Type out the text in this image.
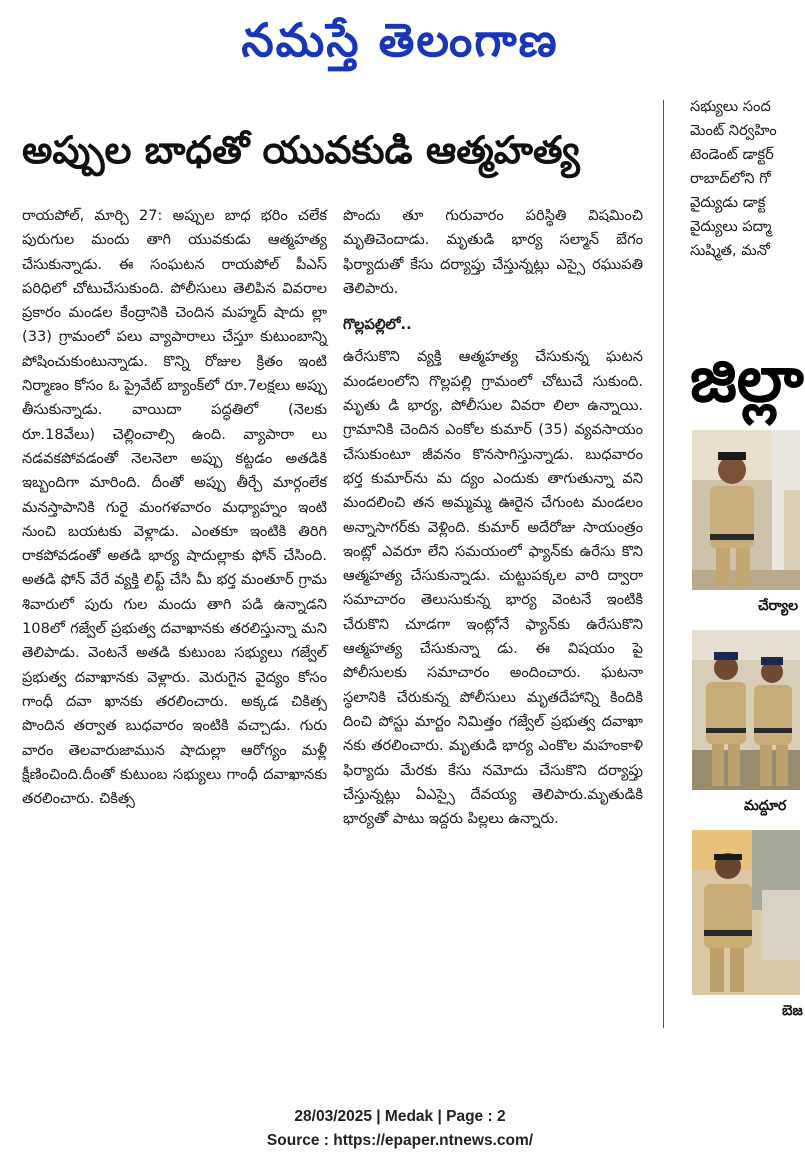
నమస్తే తెలంగాణ
అప్పుల బాధతో యువకుడి ఆత్మహత్య

రాయపోల్‌, మార్చి 27: అప్పుల బాధ భరిం చలేక పురుగుల మందు తాగి యువకుడు ఆత్మహత్య చేసుకున్నాడు. ఈ సంఘటన రాయపోల్‌ పీఎస్‌ పరిధిలో చోటుచేసుకుంది. పోలీసులు తెలిపిన వివరాల ప్రకారం మండల కేంద్రానికి చెందిన మహ్మద్‌ షాదు ల్లా (33) గ్రామంలో పలు వ్యాపారాలు చేస్తూ కుటుంబాన్ని పోషించుకుంటున్నాడు. కొన్ని రోజుల క్రితం ఇంటి నిర్మాణం కోసం ఓ ప్రైవేట్‌ బ్యాంక్‌లో రూ.7లక్షలు అప్పు తీసుకున్నాడు. వాయిదా పద్ధతిలో (నెలకు రూ.18వేలు) చెల్లించాల్సి ఉంది. వ్యాపారా లు నడవకపోవడంతో నెలనెలా అప్పు కట్టడం అతడికి ఇబ్బందిగా మారింది. దీంతో అప్పు తీర్చే మార్గంలేక మనస్తాపానికి గురై మంగళవారం మధ్యాహ్నం ఇంటి నుంచి బయటకు వెళ్లాడు. ఎంతకూ ఇంటికి తిరిగి రాకపోవడంతో అతడి భార్య షాదుల్లాకు ఫోన్‌ చేసింది. అతడి ఫోన్‌ వేరే వ్యక్తి లిఫ్ట్‌ చేసి మీ భర్త మంతూర్‌ గ్రామ శివారులో పురు గుల మందు తాగి పడి ఉన్నాడని 108లో గజ్వేల్‌ ప్రభుత్వ దవాఖానకు తరలిస్తున్నా మని తెలిపాడు. వెంటనే అతడి కుటుంబ సభ్యులు గజ్వేల్‌ ప్రభుత్వ దవాఖానకు వెళ్లారు. మెరుగైన వైద్యం కోసం గాంధీ దవా ఖానకు తరలించారు. అక్కడ చికిత్స పొందిన తర్వాత బుధవారం ఇంటికి వచ్చాడు. గురు వారం తెలవారుజామున షాదుల్లా ఆరోగ్యం మళ్లీ క్షీణించింది.దీంతో కుటుంబ సభ్యులు గాంధీ దవాఖానకు తరలించారు. చికిత్స

పొందు తూ గురువారం పరిస్థితి విషమించి మృతిచెందాడు. మృతుడి భార్య సల్మాన్‌ బేగం ఫిర్యాదుతో కేసు దర్యాప్తు చేస్తున్నట్లు ఎస్సై రఘుపతి తెలిపారు.

గొల్లపల్లిలో..

ఉరేసుకొని వ్యక్తి ఆత్మహత్య చేసుకున్న ఘటన మండలంలోని గొల్లపల్లి గ్రామంలో చోటుచే సుకుంది. మృతు డి భార్య, పోలీసుల వివరా లిలా ఉన్నాయి. గ్రామానికి చెందిన ఎంకోల కుమార్‌ (35) వ్యవసాయం చేసుకుంటూ జీవనం కొనసాగిస్తున్నాడు. బుధవారం భర్త కుమార్‌ను మ ద్యం ఎందుకు తాగుతున్నా వని మందలించి తన అమ్మమ్మ ఊరైన చేగుంట మండలం అన్నాసాగర్‌కు వెళ్లింది. కుమార్‌ అదేరోజు సాయంత్రం ఇంట్లో ఎవరూ లేని సమయంలో ఫ్యాన్‌కు ఉరేసు కొని ఆత్మహత్య చేసుకున్నాడు. చుట్టుపక్కల వారి ద్వారా సమాచారం తెలుసుకున్న భార్య వెంటనే ఇంటికి చేరుకొని చూడగా ఇంట్లోనే ఫ్యాన్‌కు ఉరేసుకొని ఆత్మహత్య చేసుకున్నా డు. ఈ విషయం పై పోలీసులకు సమాచారం అందించారు. ఘటనా స్థలానికి చేరుకున్న పోలీసులు మృతదేహాన్ని కిందికి దించి పోస్టు మార్టం నిమిత్తం గజ్వేల్‌ ప్రభుత్వ దవాఖా నకు తరలించారు. మృతుడి భార్య ఎంకొల మహంకాళి ఫిర్యాదు మేరకు కేసు నమోదు చేసుకొని దర్యాప్తు చేస్తున్నట్లు ఏఎస్సై దేవయ్య తెలిపారు.మృతుడికి భార్యతో పాటు ఇద్దరు పిల్లలు ఉన్నారు.

సభ్యులు సంద
మెంట్‌ నిర్వహిం
టెండెంట్‌ డాక్టర్
రాబాద్‌లోని గో
వైద్యుడు డాక్ట
వైద్యులు పద్మా
సుష్మిత, మనో
జిల్లా
చేర్యాల
మద్దూర
బెజ
28/03/2025 | Medak | Page : 2
Source : https://epaper.ntnews.com/
